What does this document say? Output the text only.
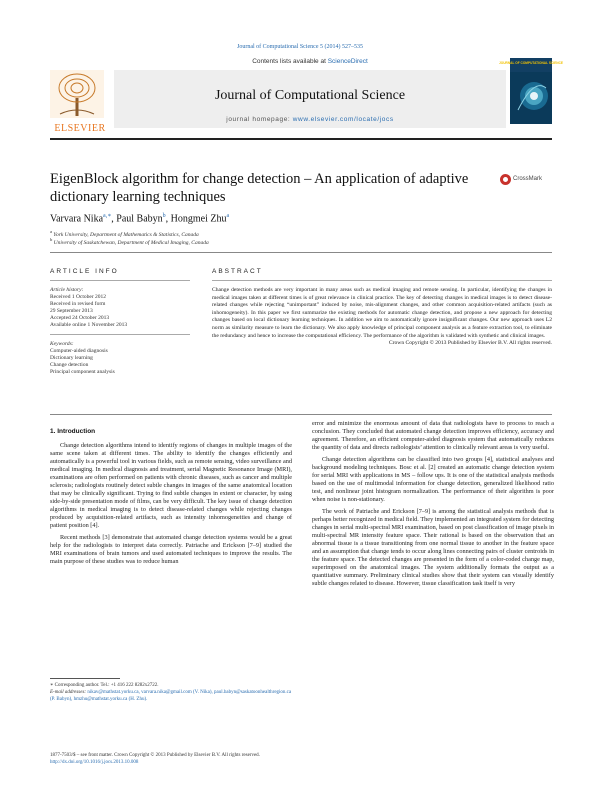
Journal of Computational Science 5 (2014) 527–535
ELSEVIER
Contents lists available at ScienceDirect
Journal of Computational Science
journal homepage: www.elsevier.com/locate/jocs
JOURNAL OF COMPUTATIONAL SCIENCE
EigenBlock algorithm for change detection – An application of adaptive dictionary learning techniques
CrossMark
Varvara Nika$^{a,∗}$, Paul Babyn$^b$, Hongmei Zhu$^a$
$^a$ York University, Department of Mathematics & Statistics, Canada
$^b$ University of Saskatchewan, Department of Medical Imaging, Canada
ARTICLE INFO
Article history:
Received 1 October 2012
Received in revised form
29 September 2013
Accepted 24 October 2013
Available online 1 November 2013
Keywords:
Computer-aided diagnosis
Dictionary learning
Change detection
Principal component analysis
ABSTRACT
Change detection methods are very important in many areas such as medical imaging and remote sensing. In particular, identifying the changes in medical images taken at different times is of great relevance in clinical practice. The key of detecting changes in medical images is to detect disease-related changes while rejecting “unimportant” induced by noise, mis-alignment changes, and other common acquisition-related artifacts (such as inhomogeneity). In this paper we first summarize the existing methods for automatic change detection, and propose a new approach for detecting changes based on local dictionary learning techniques. In addition we aim to automatically ignore insignificant changes. Our new approach uses L2 norm as similarity measure to learn the dictionary. We also apply knowledge of principal component analysis as a feature extraction tool, to eliminate the redundancy and hence to increase the computational efficiency. The performance of the algorithm is validated with synthetic and clinical images.
Crown Copyright © 2013 Published by Elsevier B.V. All rights reserved.

1. Introduction

Change detection algorithms intend to identify regions of changes in multiple images of the same scene taken at different times. The ability to identify the changes efficiently and automatically is a powerful tool in various fields, such as remote sensing, video surveillance and medical imaging. In medical diagnosis and treatment, serial Magnetic Resonance Image (MRI), examinations are often performed on patients with chronic diseases, such as cancer and multiple sclerosis; radiologists routinely detect subtle changes in images of the same anatomical location that may be clinically significant. Trying to find subtle changes in extent or character, by using side-by-side presentation mode of films, can be very difficult. The key issue of change detection algorithms in medical imaging is to detect disease-related changes while rejecting changes produced by acquisition-related artifacts, such as intensity inhomogeneities and change of patient position [4].

Recent methods [3] demonstrate that automated change detection systems would be a great help for the radiologists to interpret data correctly. Patriache and Erickson [7–9] studied the MRI examinations of brain tumors and used automated techniques to improve the results. The main purpose of these studies was to reduce human

error and minimize the enormous amount of data that radiologists have to process to reach a conclusion. They concluded that automated change detection improves efficiency, accuracy and agreement. Therefore, an efficient computer-aided diagnosis system that automatically reduces the quantity of data and directs radiologists’ attention to clinically relevant areas is very useful.

Change detection algorithms can be classified into two groups [4], statistical analyses and background modeling techniques. Bosc et al. [2] created an automatic change detection system for serial MRI with applications in MS – follow ups. It is one of the statistical analysis methods based on the use of multimodal information for change detection, generalized likelihood ratio test, and nonlinear joint histogram normalization. The performance of their algorithm is poor when noise is non-stationary.

The work of Patriache and Erickson [7–9] is among the statistical analysis methods that is perhaps better recognized in medical field. They implemented an integrated system for detecting changes in serial multi-spectral MRI examination, based on post classification of image pixels in multi-spectral MR intensity feature space. Their rational is based on the observation that an abnormal tissue is a tissue transitioning from one normal tissue to another in the feature space and an assumption that change tends to occur along lines connecting pairs of cluster centroids in the feature space. The detected changes are presented in the form of a color-coded change map, superimposed on the anatomical images. The system additionally formats the output as a quantitative summary. Preliminary clinical studies show that their system can visually identify subtle changes related to disease. However, tissue classification task itself is very

∗ Corresponding author. Tel.: +1 416 222 8282x2722.
E-mail addresses: nikav@mathstat.yorku.ca, varvara.nika@gmail.com (V. Nika), paul.babyn@saskatoonhealthregion.ca (P. Babyn), hmzhu@mathstat.yorku.ca (H. Zhu).
1877-7503/$ – see front matter. Crown Copyright © 2013 Published by Elsevier B.V. All rights reserved.
http://dx.doi.org/10.1016/j.jocs.2013.10.008
